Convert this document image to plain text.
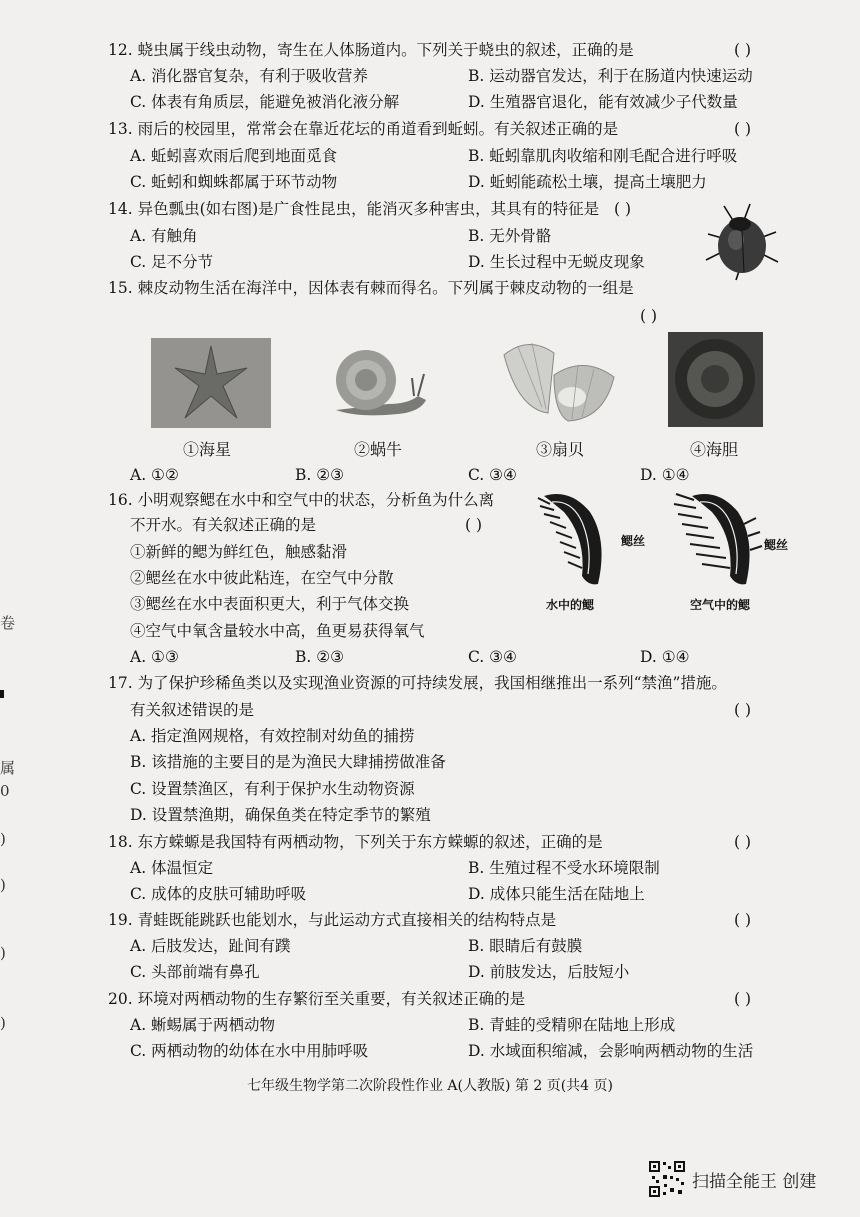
卷
属
0
)
)
)
)
12. 蛲虫属于线虫动物，寄生在人体肠道内。下列关于蛲虫的叙述，正确的是	( )
A. 消化器官复杂，有利于吸收营养	B. 运动器官发达，利于在肠道内快速运动
C. 体表有角质层，能避免被消化液分解	D. 生殖器官退化，能有效减少子代数量
13. 雨后的校园里，常常会在靠近花坛的甬道看到蚯蚓。有关叙述正确的是	( )
A. 蚯蚓喜欢雨后爬到地面觅食	B. 蚯蚓靠肌肉收缩和刚毛配合进行呼吸
C. 蚯蚓和蜘蛛都属于环节动物	D. 蚯蚓能疏松土壤，提高土壤肥力
14. 异色瓢虫(如右图)是广食性昆虫，能消灭多种害虫，其具有的特征是 ( )
A. 有触角	B. 无外骨骼
C. 足不分节	D. 生长过程中无蜕皮现象
15. 棘皮动物生活在海洋中，因体表有棘而得名。下列属于棘皮动物的一组是
( )
①海星	②蜗牛	③扇贝	④海胆
A. ①②	B. ②③	C. ③④	D. ①④
16. 小明观察鳃在水中和空气中的状态，分析鱼为什么离
不开水。有关叙述正确的是	( )
①新鲜的鳃为鲜红色，触感黏滑
②鳃丝在水中彼此粘连，在空气中分散
③鳃丝在水中表面积更大，利于气体交换
④空气中氧含量较水中高，鱼更易获得氧气
鳃丝
水中的鳃
鳃丝
空气中的鳃
A. ①③	B. ②③	C. ③④	D. ①④
17. 为了保护珍稀鱼类以及实现渔业资源的可持续发展，我国相继推出一系列“禁渔”措施。
有关叙述错误的是	( )
A. 指定渔网规格，有效控制对幼鱼的捕捞
B. 该措施的主要目的是为渔民大肆捕捞做准备
C. 设置禁渔区，有利于保护水生动物资源
D. 设置禁渔期，确保鱼类在特定季节的繁殖
18. 东方蝾螈是我国特有两栖动物，下列关于东方蝾螈的叙述，正确的是	( )
A. 体温恒定	B. 生殖过程不受水环境限制
C. 成体的皮肤可辅助呼吸	D. 成体只能生活在陆地上
19. 青蛙既能跳跃也能划水，与此运动方式直接相关的结构特点是	( )
A. 后肢发达，趾间有蹼	B. 眼睛后有鼓膜
C. 头部前端有鼻孔	D. 前肢发达，后肢短小
20. 环境对两栖动物的生存繁衍至关重要，有关叙述正确的是	( )
A. 蜥蜴属于两栖动物	B. 青蛙的受精卵在陆地上形成
C. 两栖动物的幼体在水中用肺呼吸	D. 水域面积缩减，会影响两栖动物的生活
七年级生物学第二次阶段性作业 A(人教版) 第 2 页(共4 页)
扫描全能王 创建
